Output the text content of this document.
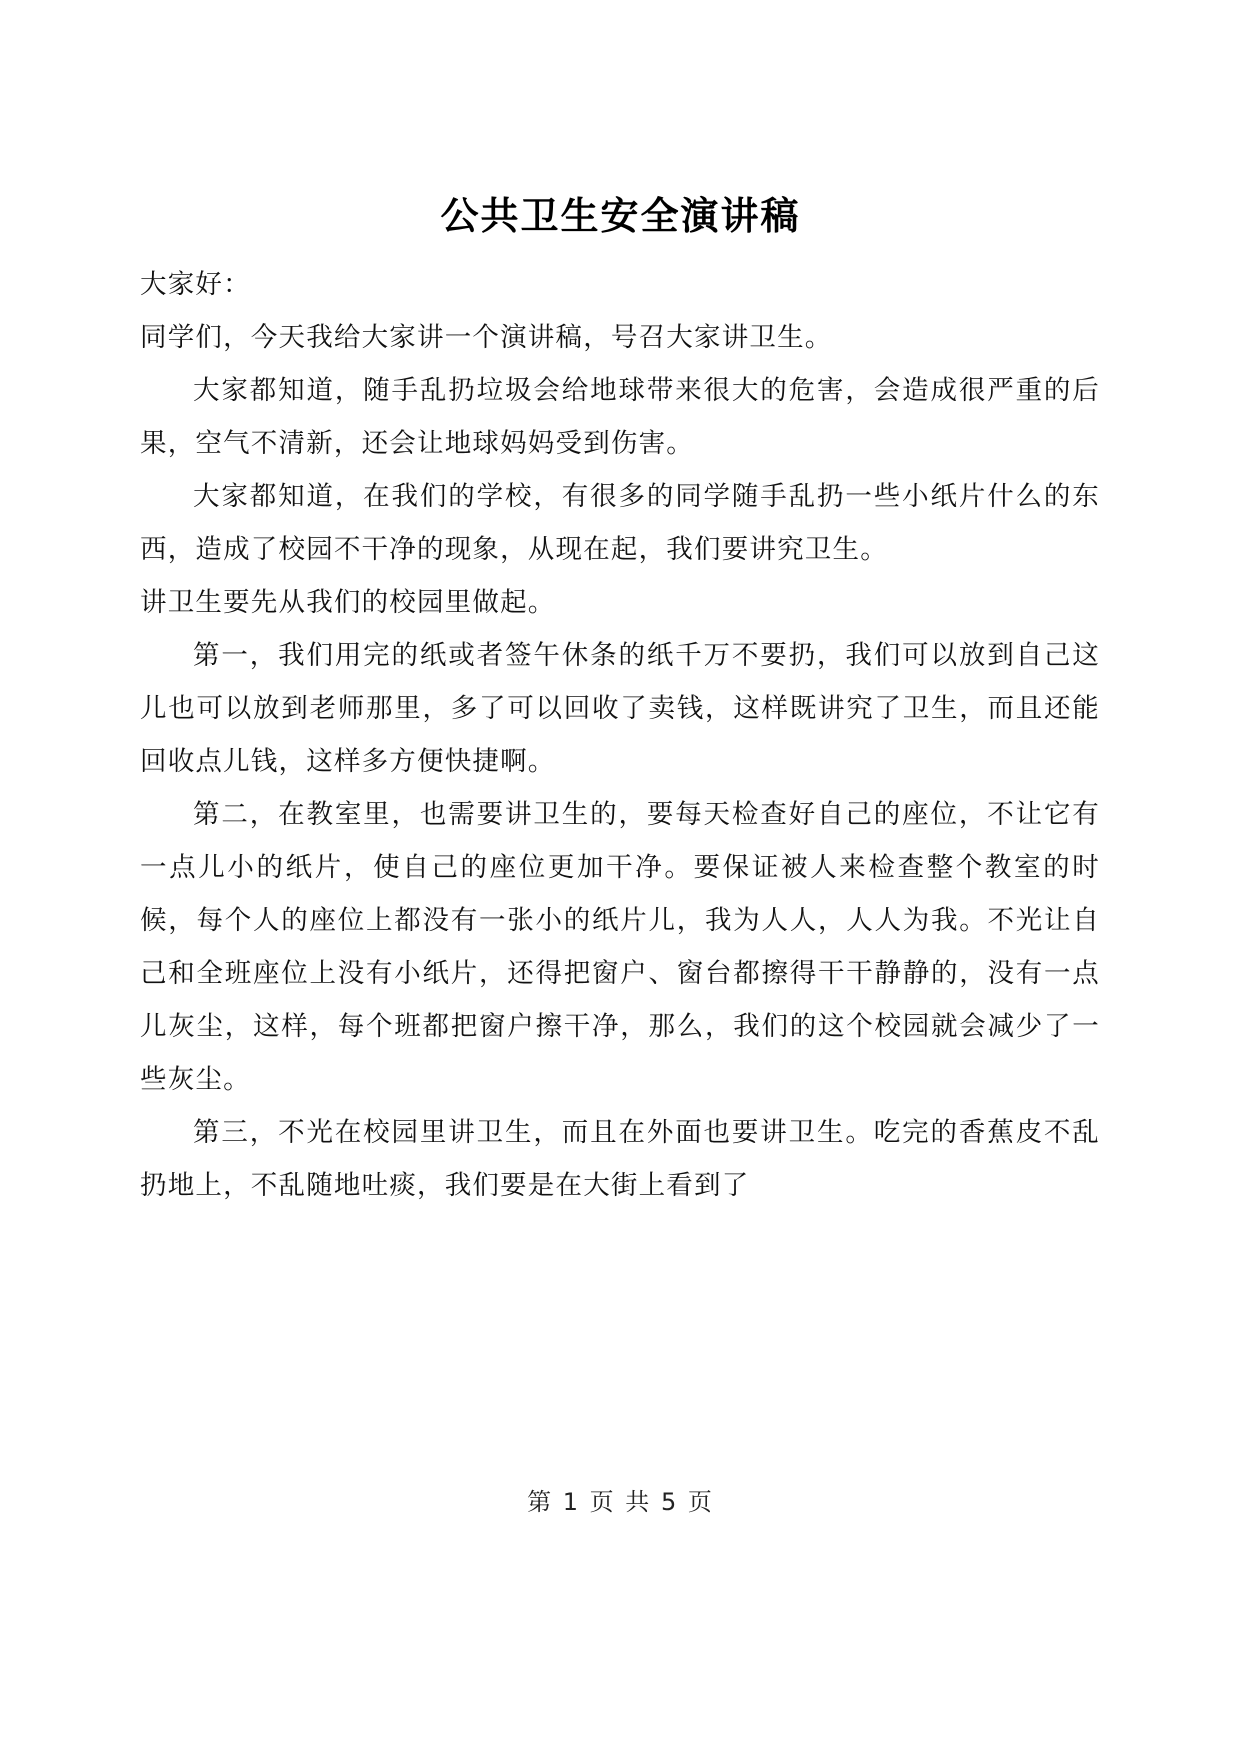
公共卫生安全演讲稿

大家好：

同学们，今天我给大家讲一个演讲稿，号召大家讲卫生。

大家都知道，随手乱扔垃圾会给地球带来很大的危害，会造成很严重的后果，空气不清新，还会让地球妈妈受到伤害。

大家都知道，在我们的学校，有很多的同学随手乱扔一些小纸片什么的东西，造成了校园不干净的现象，从现在起，我们要讲究卫生。

讲卫生要先从我们的校园里做起。

第一，我们用完的纸或者签午休条的纸千万不要扔，我们可以放到自己这儿也可以放到老师那里，多了可以回收了卖钱，这样既讲究了卫生，而且还能回收点儿钱，这样多方便快捷啊。

第二，在教室里，也需要讲卫生的，要每天检查好自己的座位，不让它有一点儿小的纸片，使自己的座位更加干净。要保证被人来检查整个教室的时候，每个人的座位上都没有一张小的纸片儿，我为人人，人人为我。不光让自己和全班座位上没有小纸片，还得把窗户、窗台都擦得干干静静的，没有一点儿灰尘，这样，每个班都把窗户擦干净，那么，我们的这个校园就会减少了一些灰尘。

第三，不光在校园里讲卫生，而且在外面也要讲卫生。吃完的香蕉皮不乱扔地上，不乱随地吐痰，我们要是在大街上看到了

第 1 页 共 5 页
